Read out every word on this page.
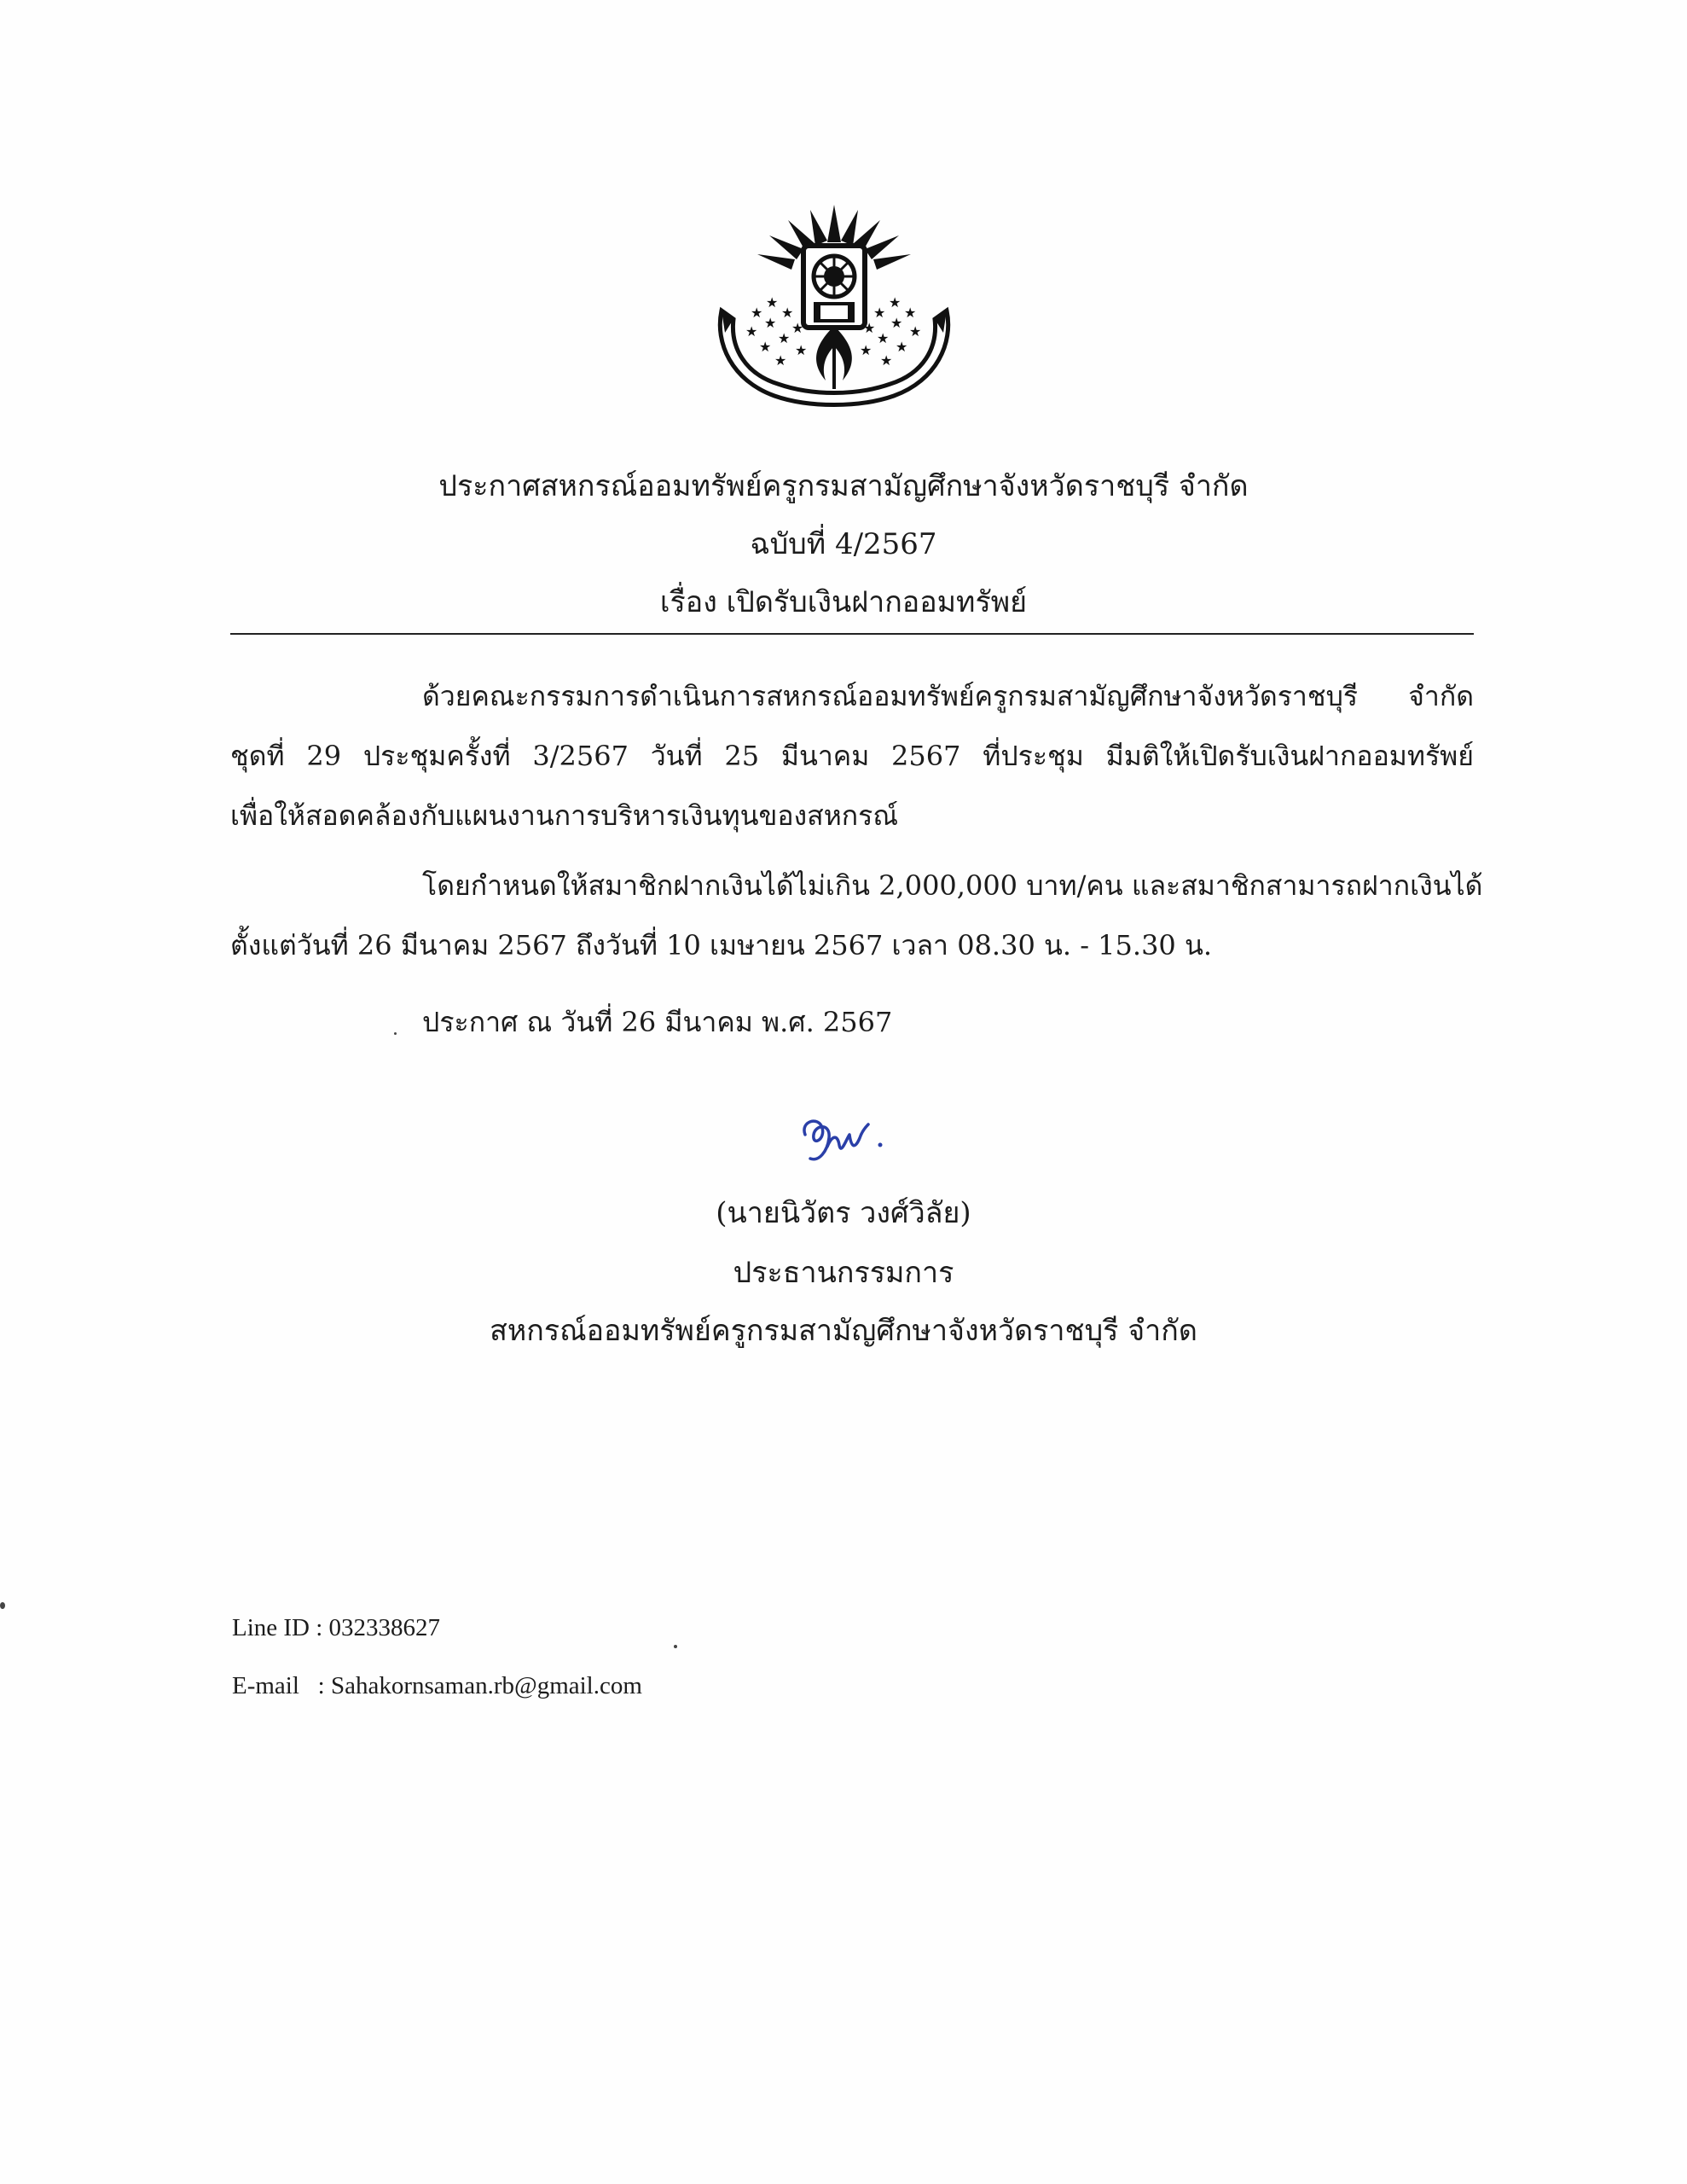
★
★
★
★
★
★
★
★
★
★
★
★
★
★
★
★
★
★
★
★
ประกาศสหกรณ์ออมทรัพย์ครูกรมสามัญศึกษาจังหวัดราชบุรี จำกัด
ฉบับที่ 4/2567
เรื่อง เปิดรับเงินฝากออมทรัพย์
ด้วยคณะกรรมการดำเนินการสหกรณ์ออมทรัพย์ครูกรมสามัญศึกษาจังหวัดราชบุรี จำกัด
ชุดที่ 29 ประชุมครั้งที่ 3/2567 วันที่ 25 มีนาคม 2567 ที่ประชุม มีมติให้เปิดรับเงินฝากออมทรัพย์
เพื่อให้สอดคล้องกับแผนงานการบริหารเงินทุนของสหกรณ์
โดยกำหนดให้สมาชิกฝากเงินได้ไม่เกิน 2,000,000 บาท/คน และสมาชิกสามารถฝากเงินได้
ตั้งแต่วันที่ 26 มีนาคม 2567 ถึงวันที่ 10 เมษายน 2567 เวลา 08.30 น. - 15.30 น.
ประกาศ ณ วันที่ 26 มีนาคม พ.ศ. 2567
(นายนิวัตร วงศ์วิลัย)
ประธานกรรมการ
สหกรณ์ออมทรัพย์ครูกรมสามัญศึกษาจังหวัดราชบุรี จำกัด
Line ID : 032338627
E-mail   : Sahakornsaman.rb@gmail.com
